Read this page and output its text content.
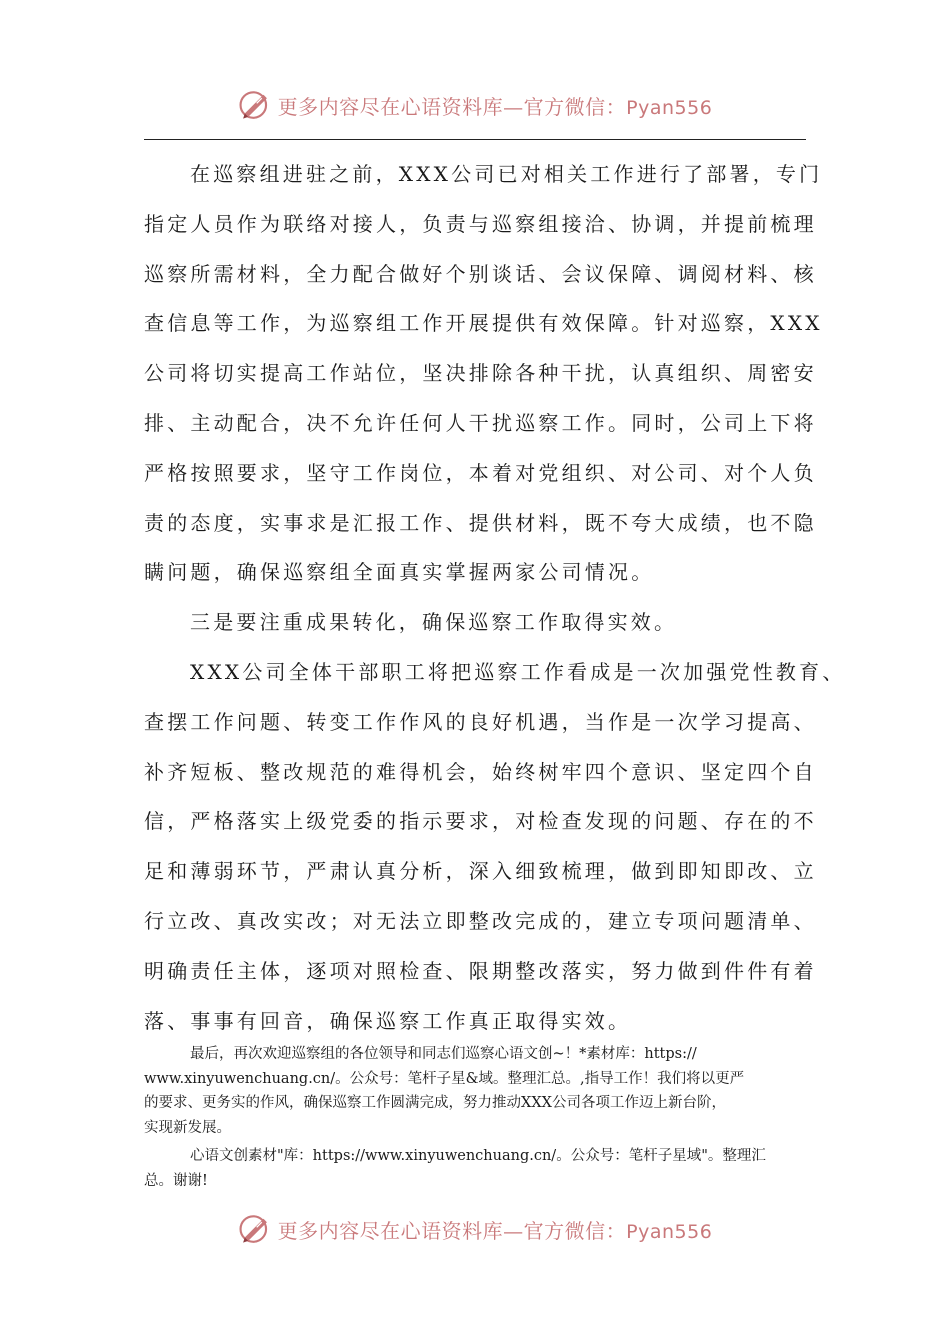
更多内容尽在心语资料库—官方微信：Pyan556
在巡察组进驻之前，XXX公司已对相关工作进行了部署，专门
指定人员作为联络对接人，负责与巡察组接洽、协调，并提前梳理
巡察所需材料，全力配合做好个别谈话、会议保障、调阅材料、核
查信息等工作，为巡察组工作开展提供有效保障。针对巡察，XXX
公司将切实提高工作站位，坚决排除各种干扰，认真组织、周密安
排、主动配合，决不允许任何人干扰巡察工作。同时，公司上下将
严格按照要求，坚守工作岗位，本着对党组织、对公司、对个人负
责的态度，实事求是汇报工作、提供材料，既不夸大成绩，也不隐
瞒问题，确保巡察组全面真实掌握两家公司情况。
三是要注重成果转化，确保巡察工作取得实效。
XXX公司全体干部职工将把巡察工作看成是一次加强党性教育、
查摆工作问题、转变工作作风的良好机遇，当作是一次学习提高、
补齐短板、整改规范的难得机会，始终树牢四个意识、坚定四个自
信，严格落实上级党委的指示要求，对检查发现的问题、存在的不
足和薄弱环节，严肃认真分析，深入细致梳理，做到即知即改、立
行立改、真改实改；对无法立即整改完成的，建立专项问题清单、
明确责任主体，逐项对照检查、限期整改落实，努力做到件件有着
落、事事有回音，确保巡察工作真正取得实效。
最后，再次欢迎巡察组的各位领导和同志们巡察心语文创~！*素材库：https://
www.xinyuwenchuang.cn/。公众号：笔杆子星&域。整理汇总。,指导工作！我们将以更严
的要求、更务实的作风，确保巡察工作圆满完成，努力推动XXX公司各项工作迈上新台阶，
实现新发展。
心语文创素材"库：https://www.xinyuwenchuang.cn/。公众号：笔杆子星域"。整理汇
总。谢谢!
更多内容尽在心语资料库—官方微信：Pyan556
